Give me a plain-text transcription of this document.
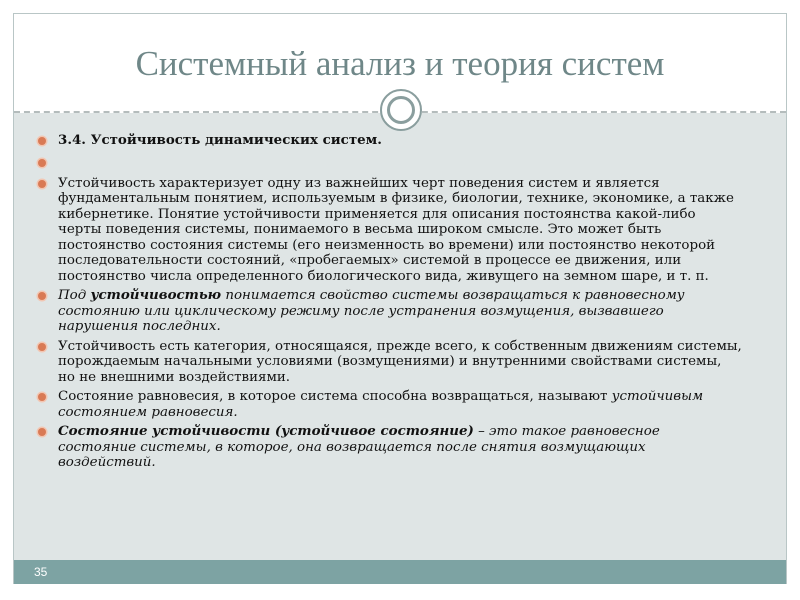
Системный анализ и теория систем
3.4. Устойчивость динамических систем.
Устойчивость характеризует одну из важнейших черт поведения систем и является фундаментальным понятием, используемым в физике, биологии, технике, экономике, а также кибернетике. Понятие устойчивости применяется для описания постоянства какой-либо черты поведения системы, понимаемого в весьма широком смысле. Это может быть постоянство состояния системы (его неизменность во времени) или постоянство некоторой последовательности состояний, «пробегаемых» системой в процессе ее движения, или постоянство числа определенного биологического вида, живущего на земном шаре, и т. п.
Под устойчивостью понимается свойство системы возвращаться к равновесному состоянию или циклическому режиму после устранения возмущения, вызвавшего нарушения последних.
Устойчивость есть категория, относящаяся, прежде всего, к собственным движениям системы, порождаемым начальными условиями (возмущениями) и внутренними свойствами системы, но не внешними воздействиями.
Состояние равновесия, в которое система способна возвращаться, называют устойчивым состоянием равновесия.
Состояние устойчивости (устойчивое состояние) – это такое равновесное состояние системы, в которое, она возвращается после снятия возмущающих воздействий.
35
